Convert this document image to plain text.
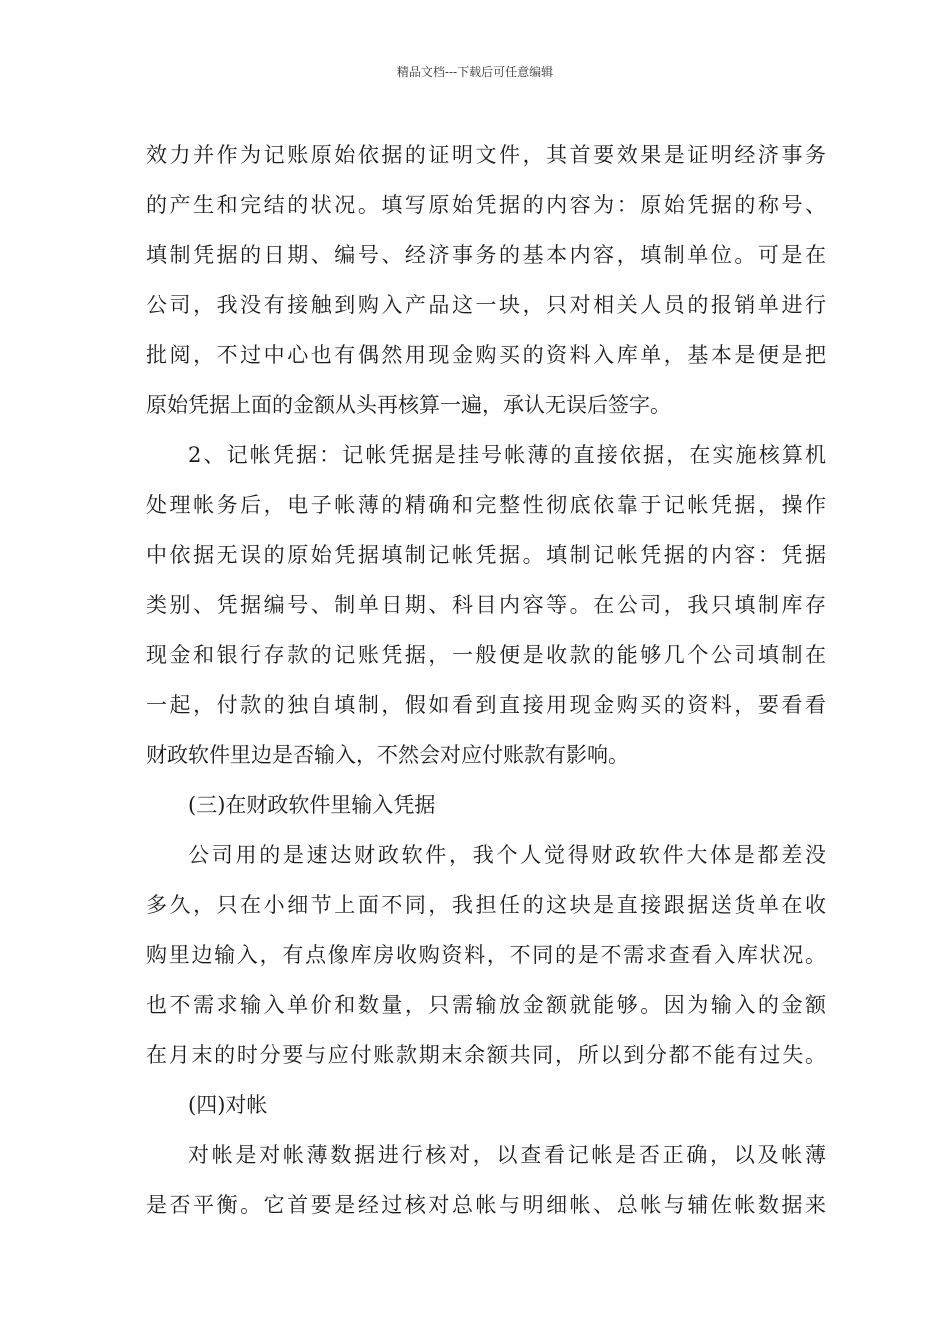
精品文档---下载后可任意编辑
效力并作为记账原始依据的证明文件，其首要效果是证明经济事务
的产生和完结的状况。填写原始凭据的内容为：原始凭据的称号、
填制凭据的日期、编号、经济事务的基本内容，填制单位。可是在
公司，我没有接触到购入产品这一块，只对相关人员的报销单进行
批阅，不过中心也有偶然用现金购买的资料入库单，基本是便是把
原始凭据上面的金额从头再核算一遍，承认无误后签字。
2、记帐凭据：记帐凭据是挂号帐薄的直接依据，在实施核算机
处理帐务后，电子帐薄的精确和完整性彻底依靠于记帐凭据，操作
中依据无误的原始凭据填制记帐凭据。填制记帐凭据的内容：凭据
类别、凭据编号、制单日期、科目内容等。在公司，我只填制库存
现金和银行存款的记账凭据，一般便是收款的能够几个公司填制在
一起，付款的独自填制，假如看到直接用现金购买的资料，要看看
财政软件里边是否输入，不然会对应付账款有影响。
(三)在财政软件里输入凭据
公司用的是速达财政软件，我个人觉得财政软件大体是都差没
多久，只在小细节上面不同，我担任的这块是直接跟据送货单在收
购里边输入，有点像库房收购资料，不同的是不需求查看入库状况。
也不需求输入单价和数量，只需输放金额就能够。因为输入的金额
在月末的时分要与应付账款期末余额共同，所以到分都不能有过失。
(四)对帐
对帐是对帐薄数据进行核对，以查看记帐是否正确，以及帐薄
是否平衡。它首要是经过核对总帐与明细帐、总帐与辅佐帐数据来
